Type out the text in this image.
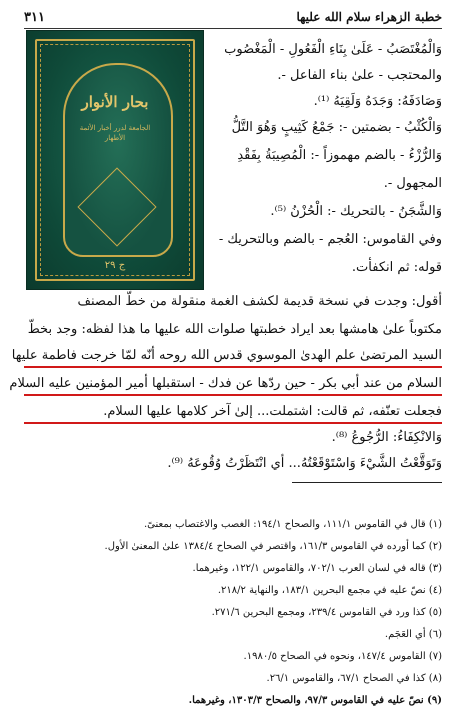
خطبة الزهراء سلام الله عليها
٣١١
بحار الأنوار
الجامعة لدرر أخبار الأئمة الأطهار
ج ٢٩
وَالْمُغْتَصَبُ - عَلَىٰ بِنَاءِ الْفَعُولِ - الْمَغْصُوب
والمحتجب - علىٰ بناء الفاعل -.
وَصَادَفَهُ: وَجَدَهُ وَلَقِيَهُ ⁽¹⁾.
وَالْكُثْبُ - بضمتين -: جَمْعُ كَثِيبٍ وَهُوَ التَّلُّ
وَالرُّزْءُ - بالضم مهموزاً -: الْمُصِيبَةُ بِفَقْدِ
المجهول -.
وَالشَّجَنُ - بالتحريك -: الْحُزْنُ ⁽⁵⁾.
وفي القاموس: العُجم - بالضم وبالتحريك -
قوله: ثم انكفأت.
أقول: وجدت في نسخة قديمة لكشف الغمة منقولة من خطّ المصنف
مكتوباً علىٰ هامشها بعد ايراد خطبتها صلوات الله عليها ما هذا لفظه: وجد بخطّ
السيد المرتضىٰ علم الهدىٰ الموسوي قدس الله روحه أنّه لمّا خرجت فاطمة عليها
السلام من عند أبي بكر - حين ردّها عن فدك - استقبلها أمير المؤمنين عليه السلام
فجعلت تعنّفه، ثم قالت: اشتملت... إلىٰ آخر كلامها عليها السلام.
وَالانْكِفَاءُ: الرُّجُوعُ ⁽⁸⁾.
وَتَوَقَّعْتُ الشَّيْءَ وَاسْتَوْقَعْتُهُ... أي انْتَظَرْتُ وُقُوعَهُ ⁽⁹⁾.
(١) قال في القاموس ١١١/١، والصحاح ١٩٤/١: الغصب والاغتصاب بمعنىً.
(٢) كما أورده في القاموس ١٦١/٣، واقتصر في الصحاح ١٣٨٤/٤ علىٰ المعنىٰ الأول.
(٣) قاله في لسان العرب ٧٠٢/١، والقاموس ١٢٢/١، وغيرهما.
(٤) نصّ عليه في مجمع البحرين ١٨٣/١، والنهاية ٢١٨/٢.
(٥) كذا ورد في القاموس ٢٣٩/٤، ومجمع البحرين ٢٧١/٦.
(٦) أي العَجَم.
(٧) القاموس ١٤٧/٤، ونحوه في الصحاح ١٩٨٠/٥.
(٨) كذا في الصحاح ٦٧/١، والقاموس ٢٦/١.
(٩) نصّ عليه في القاموس ٩٧/٣، والصحاح ١٣٠٣/٣، وغيرهما.
